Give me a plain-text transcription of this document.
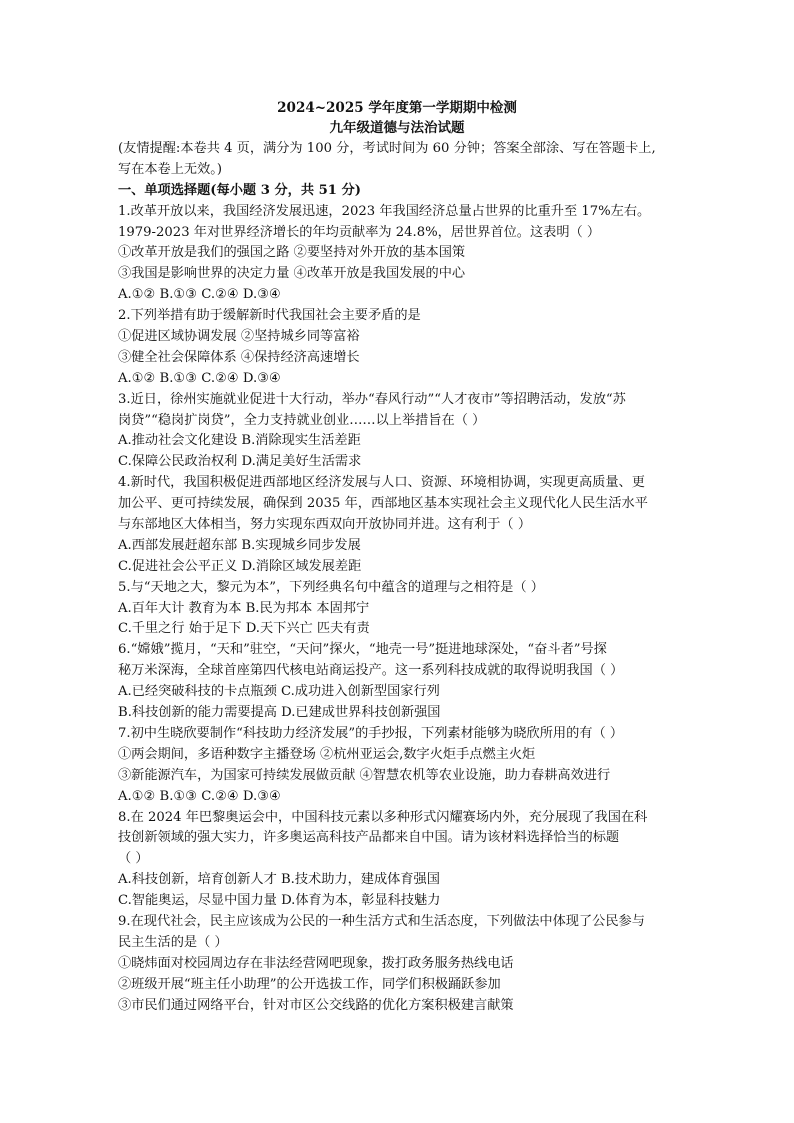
2024~2025 学年度第一学期期中检测
九年级道德与法治试题
(友情提醒:本卷共 4 页，满分为 100 分，考试时间为 60 分钟；答案全部涂、写在答题卡上,
写在本卷上无效。)
一、单项选择题(每小题 3 分，共 51 分)
1.改革开放以来，我国经济发展迅速，2023 年我国经济总量占世界的比重升至 17%左右。
1979-2023 年对世界经济增长的年均贡献率为 24.8%，居世界首位。这表明（ ）
①改革开放是我们的强国之路 ②要坚持对外开放的基本国策
③我国是影响世界的决定力量 ④改革开放是我国发展的中心
A.①② B.①③ C.②④ D.③④
2.下列举措有助于缓解新时代我国社会主要矛盾的是
①促进区域协调发展 ②坚持城乡同等富裕
③健全社会保障体系 ④保持经济高速增长
A.①② B.①③ C.②④ D.③④
3.近日，徐州实施就业促进十大行动，举办“春风行动”“人才夜市”等招聘活动，发放“苏
岗贷”“稳岗扩岗贷”，全力支持就业创业……以上举措旨在（ ）
A.推动社会文化建设 B.消除现实生活差距
C.保障公民政治权利 D.满足美好生活需求
4.新时代，我国积极促进西部地区经济发展与人口、资源、环境相协调，实现更高质量、更
加公平、更可持续发展，确保到 2035 年，西部地区基本实现社会主义现代化人民生活水平
与东部地区大体相当，努力实现东西双向开放协同并进。这有利于（ ）
A.西部发展赶超东部 B.实现城乡同步发展
C.促进社会公平正义 D.消除区域发展差距
5.与“天地之大，黎元为本”，下列经典名句中蕴含的道理与之相符是（ ）
A.百年大计 教育为本 B.民为邦本 本固邦宁
C.千里之行 始于足下 D.天下兴亡 匹夫有责
6.“嫦娥”揽月，“天和”驻空，“天问”探火，“地壳一号”挺进地球深处，“奋斗者”号探
秘万米深海，全球首座第四代核电站商运投产。这一系列科技成就的取得说明我国（ ）
A.已经突破科技的卡点瓶颈 C.成功进入创新型国家行列
B.科技创新的能力需要提高 D.已建成世界科技创新强国
7.初中生晓欣要制作“科技助力经济发展”的手抄报，下列素材能够为晓欣所用的有（ ）
①两会期间，多语种数字主播登场 ②杭州亚运会,数字火炬手点燃主火炬
③新能源汽车，为国家可持续发展做贡献 ④智慧农机等农业设施，助力春耕高效进行
A.①② B.①③ C.②④ D.③④
8.在 2024 年巴黎奥运会中，中国科技元素以多种形式闪耀赛场内外，充分展现了我国在科
技创新领域的强大实力，许多奥运高科技产品都来自中国。请为该材料选择恰当的标题
（ ）
A.科技创新，培育创新人才 B.技术助力，建成体育强国
C.智能奥运，尽显中国力量 D.体育为本，彰显科技魅力
9.在现代社会，民主应该成为公民的一种生活方式和生活态度，下列做法中体现了公民参与
民主生活的是（ ）
①晓炜面对校园周边存在非法经营网吧现象，拨打政务服务热线电话
②班级开展“班主任小助理”的公开选拔工作，同学们积极踊跃参加
③市民们通过网络平台，针对市区公交线路的优化方案积极建言献策
